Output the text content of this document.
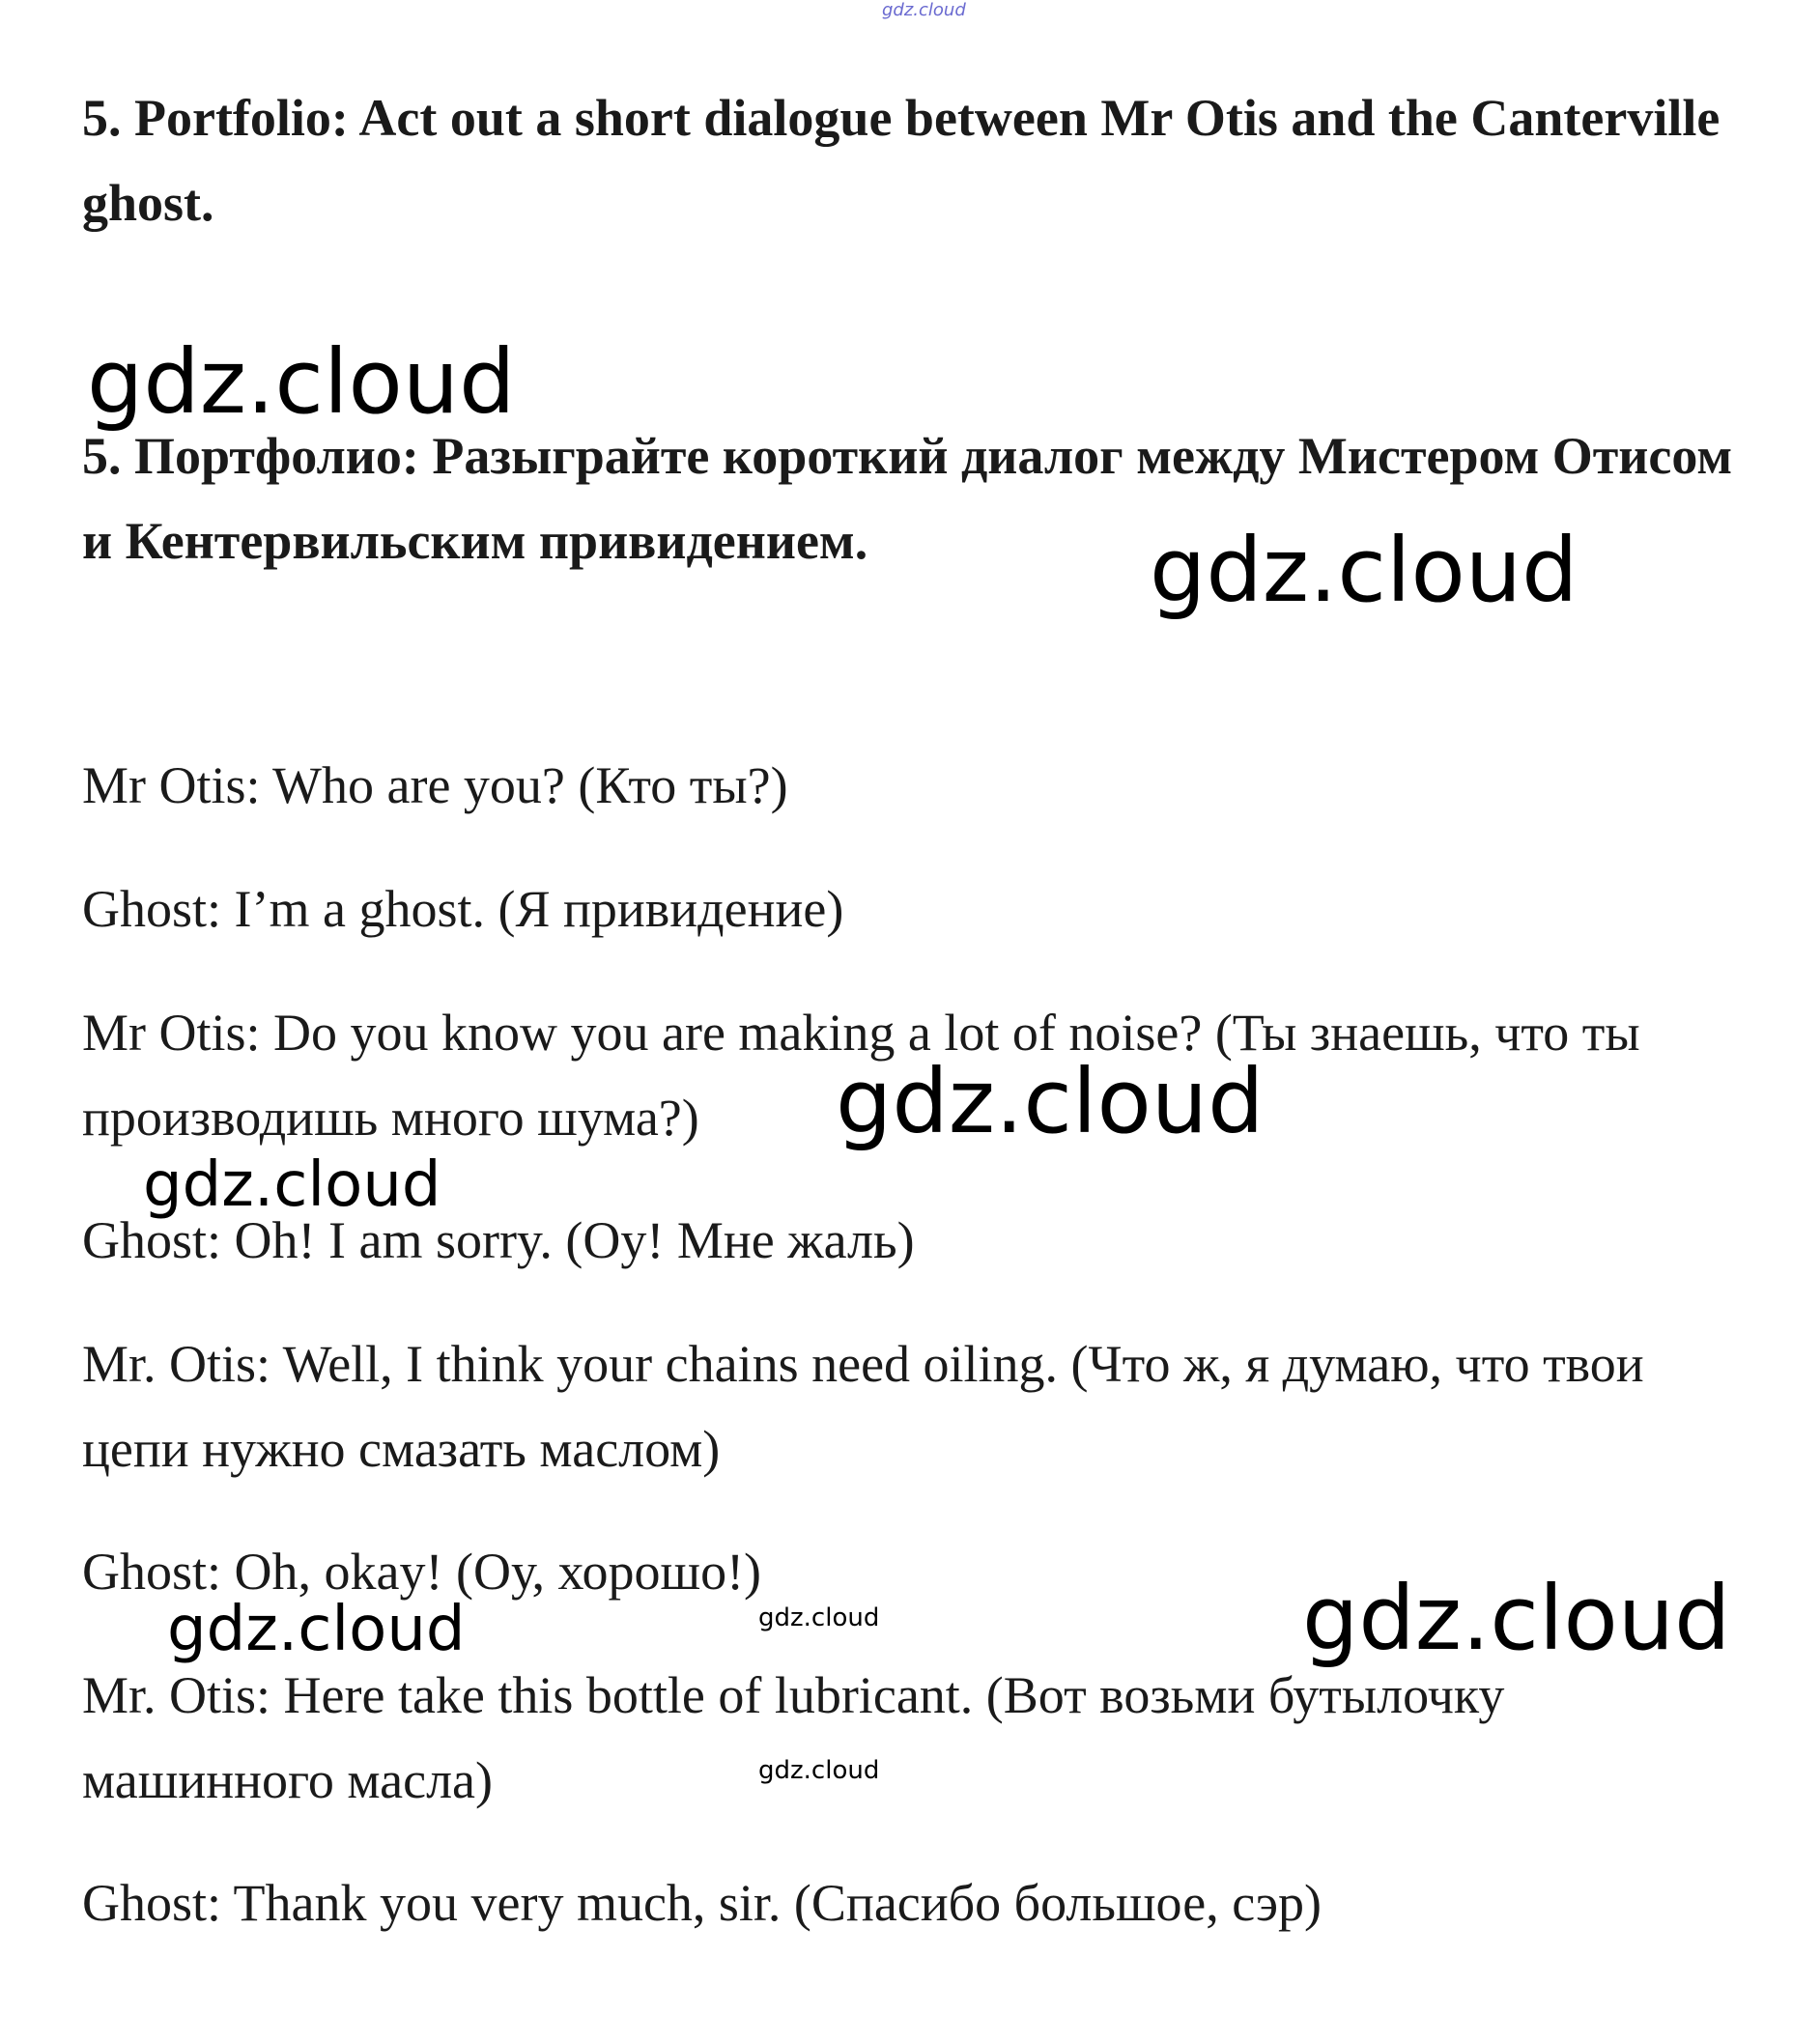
gdz.cloud

5. Portfolio: Act out a short dialogue between Mr Otis and the Canterville ghost.

gdz.cloud

5. Портфолио: Разыграйте короткий диалог между Мистером Отисом и Кентервильским привидением.	gdz.cloud

Mr Otis: Who are you? (Кто ты?)

Ghost: I’m a ghost. (Я привидение)

Mr Otis: Do you know you are making a lot of noise? (Ты знаешь, что ты производишь много шума?)	gdz.cloud
gdz.cloud

Ghost: Oh! I am sorry. (Оу! Мне жаль)

Mr. Otis: Well, I think your chains need oiling. (Что ж, я думаю, что твои цепи нужно смазать маслом)

Ghost: Oh, okay! (Оу, хорошо!)	gdz.cloud
gdz.cloud	gdz.cloud

Mr. Otis: Here take this bottle of lubricant. (Вот возьми бутылочку машинного масла)	gdz.cloud

Ghost: Thank you very much, sir. (Спасибо большое, сэр)
